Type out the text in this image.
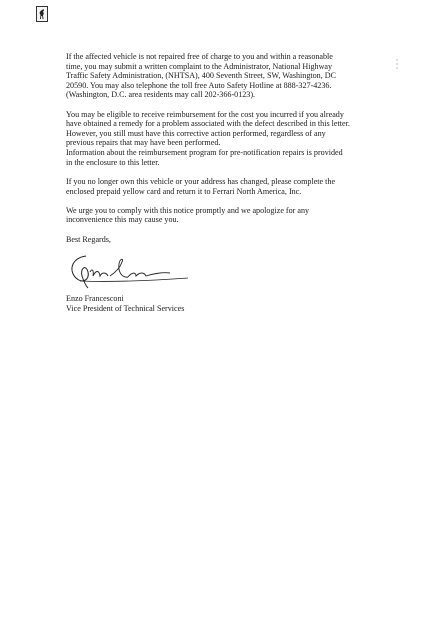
If the affected vehicle is not repaired free of charge to you and within a reasonable
time, you may submit a written complaint to the Administrator, National Highway
Traffic Safety Administration, (NHTSA), 400 Seventh Street, SW, Washington, DC
20590. You may also telephone the toll free Auto Safety Hotline at 888-327-4236.
(Washington, D.C. area residents may call 202-366-0123).

You may be eligible to receive reimbursement for the cost you incurred if you already
have obtained a remedy for a problem associated with the defect described in this letter.
However, you still must have this corrective action performed, regardless of any
previous repairs that may have been performed.

Information about the reimbursement program for pre-notification repairs is provided
in the enclosure to this letter.

If you no longer own this vehicle or your address has changed, please complete the
enclosed prepaid yellow card and return it to Ferrari North America, Inc.

We urge you to comply with this notice promptly and we apologize for any
inconvenience this may cause you.

Best Regards,

Enzo Francesconi

Vice President of Technical Services
